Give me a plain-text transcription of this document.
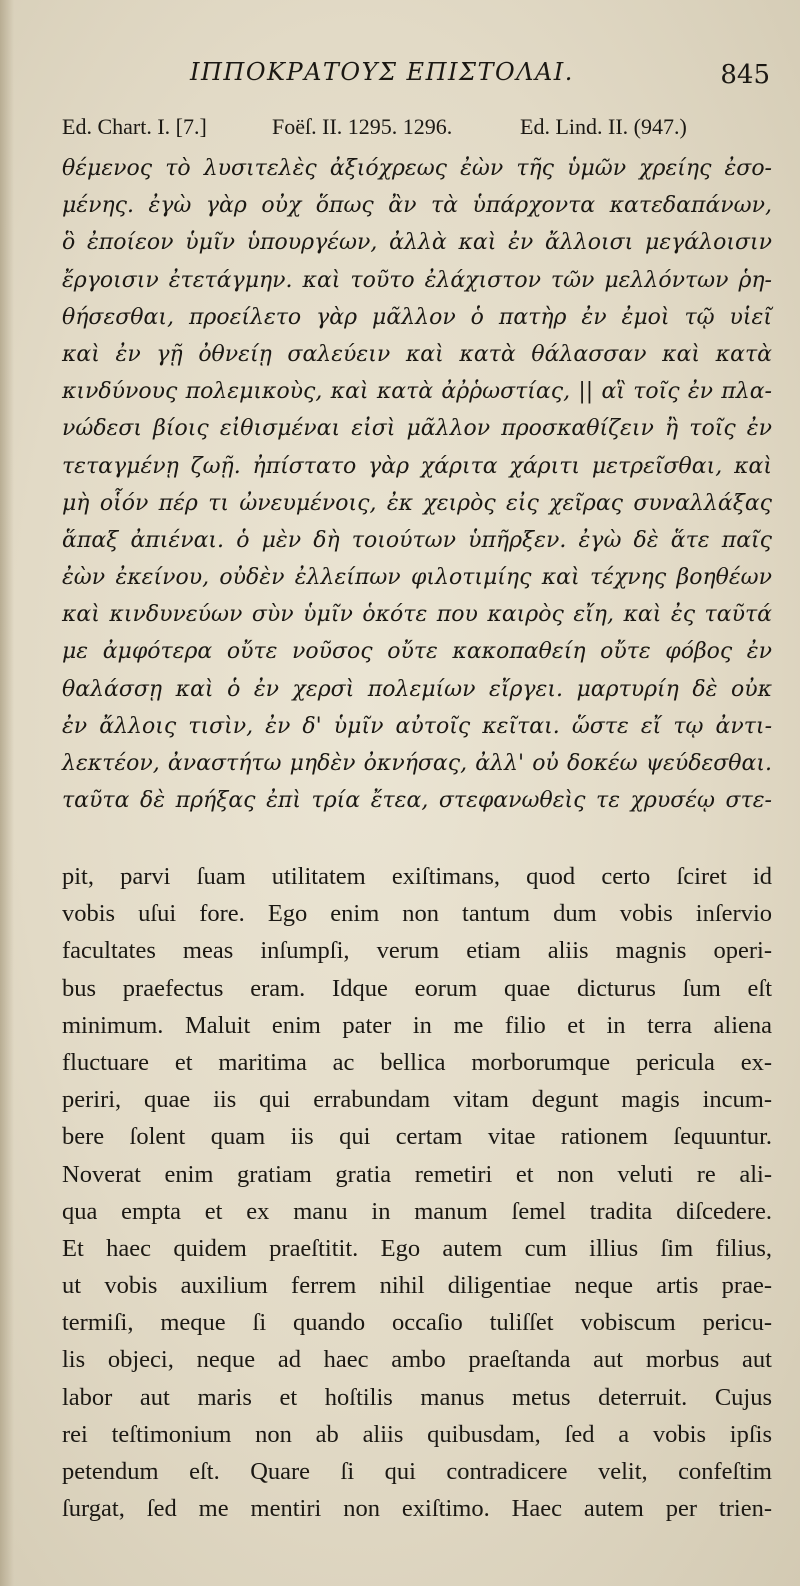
ΙΠΠΟΚΡΑΤΟΥΣ ΕΠΙΣΤΟΛΑΙ.	845
Ed. Chart. I. [7.]	Foëſ. II. 1295. 1296.	Ed. Lind. II. (947.)
θέμενος τὸ λυσιτελὲς ἀξιόχρεως ἐὼν τῆς ὑμῶν χρείης ἐσο-
μένης. ἐγὼ γὰρ οὐχ ὅπως ἂν τὰ ὑπάρχοντα κατεδαπάνων,
ὃ ἐποίεον ὑμῖν ὑπουργέων, ἀλλὰ καὶ ἐν ἄλλοισι μεγάλοισιν
ἔργοισιν ἐτετάγμην. καὶ τοῦτο ἐλάχιστον τῶν μελλόντων ῥη-
θήσεσθαι, προείλετο γὰρ μᾶλλον ὁ πατὴρ ἐν ἐμοὶ τῷ υἱεῖ
καὶ ἐν γῇ ὀθνείῃ σαλεύειν καὶ κατὰ θάλασσαν καὶ κατὰ
κινδύνους πολεμικοὺς, καὶ κατὰ ἀῤῥωστίας, || αἳ τοῖς ἐν πλα-
νώδεσι βίοις εἰθισμέναι εἰσὶ μᾶλλον προσκαθίζειν ἢ τοῖς ἐν
τεταγμένῃ ζωῇ. ἠπίστατο γὰρ χάριτα χάριτι μετρεῖσθαι, καὶ
μὴ οἷόν πέρ τι ὠνευμένοις, ἐκ χειρὸς εἰς χεῖρας συναλλάξας
ἅπαξ ἀπιέναι. ὁ μὲν δὴ τοιούτων ὑπῆρξεν. ἐγὼ δὲ ἅτε παῖς
ἐὼν ἐκείνου, οὐδὲν ἐλλείπων φιλοτιμίης καὶ τέχνης βοηθέων
καὶ κινδυνεύων σὺν ὑμῖν ὁκότε που καιρὸς εἴη, καὶ ἐς ταῦτά
με ἀμφότερα οὔτε νοῦσος οὔτε κακοπαθείη οὔτε φόβος ἐν
θαλάσσῃ καὶ ὁ ἐν χερσὶ πολεμίων εἴργει. μαρτυρίη δὲ οὐκ
ἐν ἄλλοις τισὶν, ἐν δ' ὑμῖν αὐτοῖς κεῖται. ὥστε εἴ τῳ ἀντι-
λεκτέον, ἀναστήτω μηδὲν ὀκνήσας, ἀλλ' οὐ δοκέω ψεύδεσθαι.
ταῦτα δὲ πρήξας ἐπὶ τρία ἔτεα, στεφανωθεὶς τε χρυσέῳ στε-
pit, parvi ſuam utilitatem exiſtimans, quod certo ſciret id
vobis uſui fore. Ego enim non tantum dum vobis inſervio
facultates meas inſumpſi, verum etiam aliis magnis operi-
bus praefectus eram. Idque eorum quae dicturus ſum eſt
minimum. Maluit enim pater in me filio et in terra aliena
fluctuare et maritima ac bellica morborumque pericula ex-
periri, quae iis qui errabundam vitam degunt magis incum-
bere ſolent quam iis qui certam vitae rationem ſequuntur.
Noverat enim gratiam gratia remetiri et non veluti re ali-
qua empta et ex manu in manum ſemel tradita diſcedere.
Et haec quidem praeſtitit. Ego autem cum illius ſim filius,
ut vobis auxilium ferrem nihil diligentiae neque artis prae-
termiſi, meque ſi quando occaſio tuliſſet vobiscum pericu-
lis objeci, neque ad haec ambo praeſtanda aut morbus aut
labor aut maris et hoſtilis manus metus deterruit. Cujus
rei teſtimonium non ab aliis quibusdam, ſed a vobis ipſis
petendum eſt. Quare ſi qui contradicere velit, confeſtim
ſurgat, ſed me mentiri non exiſtimo. Haec autem per trien-
